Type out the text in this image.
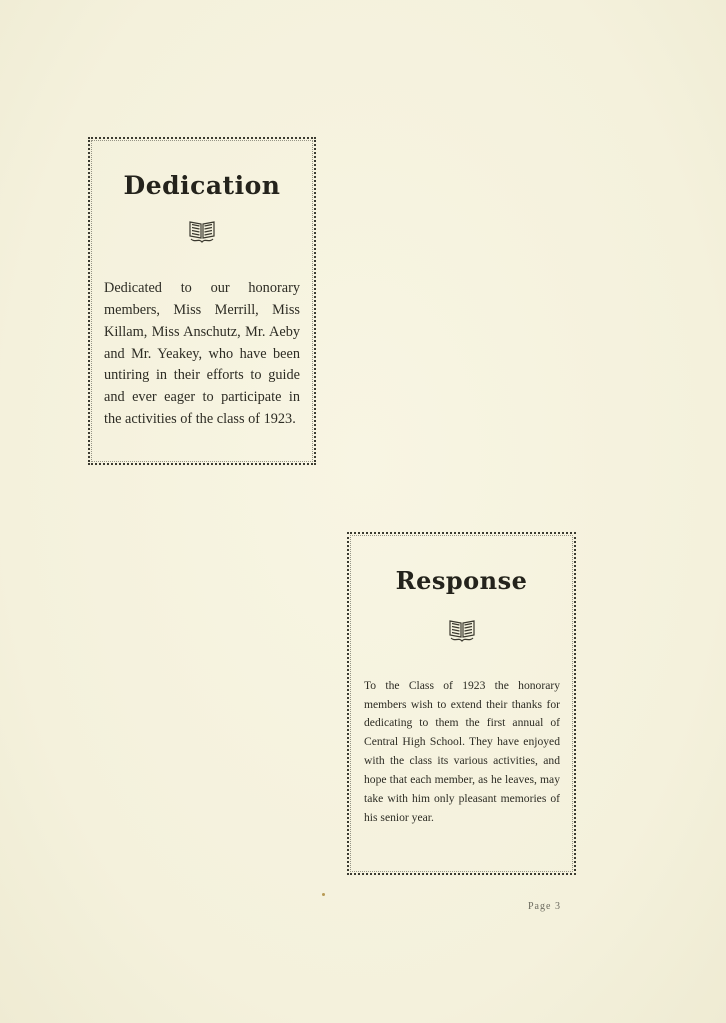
Dedication

Dedicated to our honorary members, Miss Merrill, Miss Killam, Miss Anschutz, Mr. Aeby and Mr. Yeakey, who have been untiring in their efforts to guide and ever eager to participate in the activities of the class of 1923.

Response

To the Class of 1923 the honorary members wish to extend their thanks for dedicating to them the first annual of Central High School. They have enjoyed with the class its various activities, and hope that each member, as he leaves, may take with him only pleasant memories of his senior year.

Page 3
